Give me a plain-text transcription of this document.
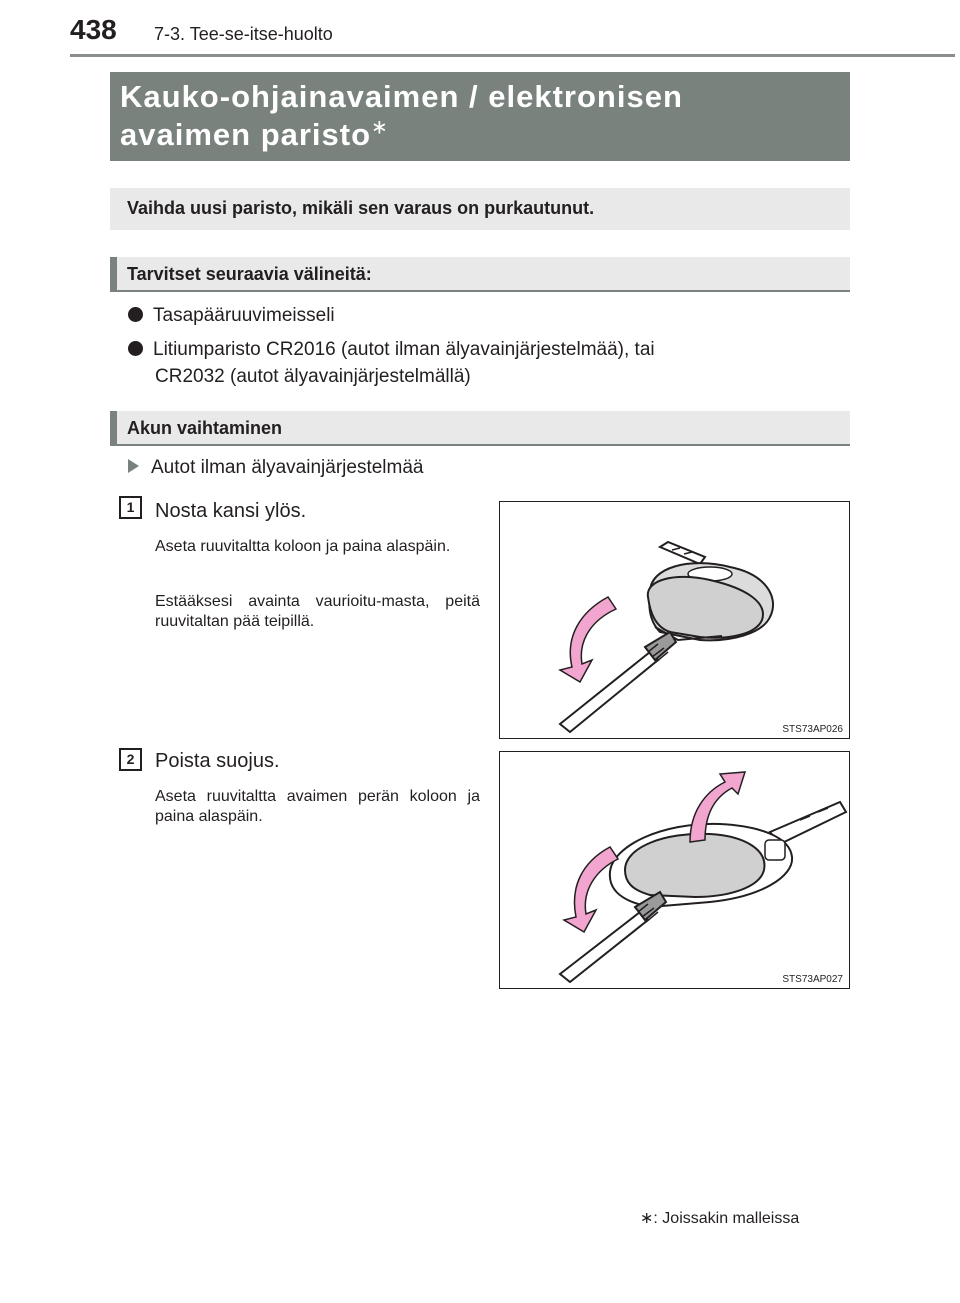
438 7-3. Tee-se-itse-huolto
Kauko-ohjainavaimen / elektronisen
avaimen paristo∗
Vaihda uusi paristo, mikäli sen varaus on purkautunut.
Tarvitset seuraavia välineitä:
Tasapääruuvimeisseli
Litiumparisto CR2016 (autot ilman älyavainjärjestelmää), tai
CR2032 (autot älyavainjärjestelmällä)
Akun vaihtaminen
Autot ilman älyavainjärjestelmää
1	Nosta kansi ylös.
Aseta ruuvitaltta koloon ja paina alaspäin.
Estääksesi avainta vaurioitu-masta, peitä ruuvitaltan pää teipillä.
STS73AP026
2	Poista suojus.
Aseta ruuvitaltta avaimen perän koloon ja paina alaspäin.
STS73AP027
∗: Joissakin malleissa
